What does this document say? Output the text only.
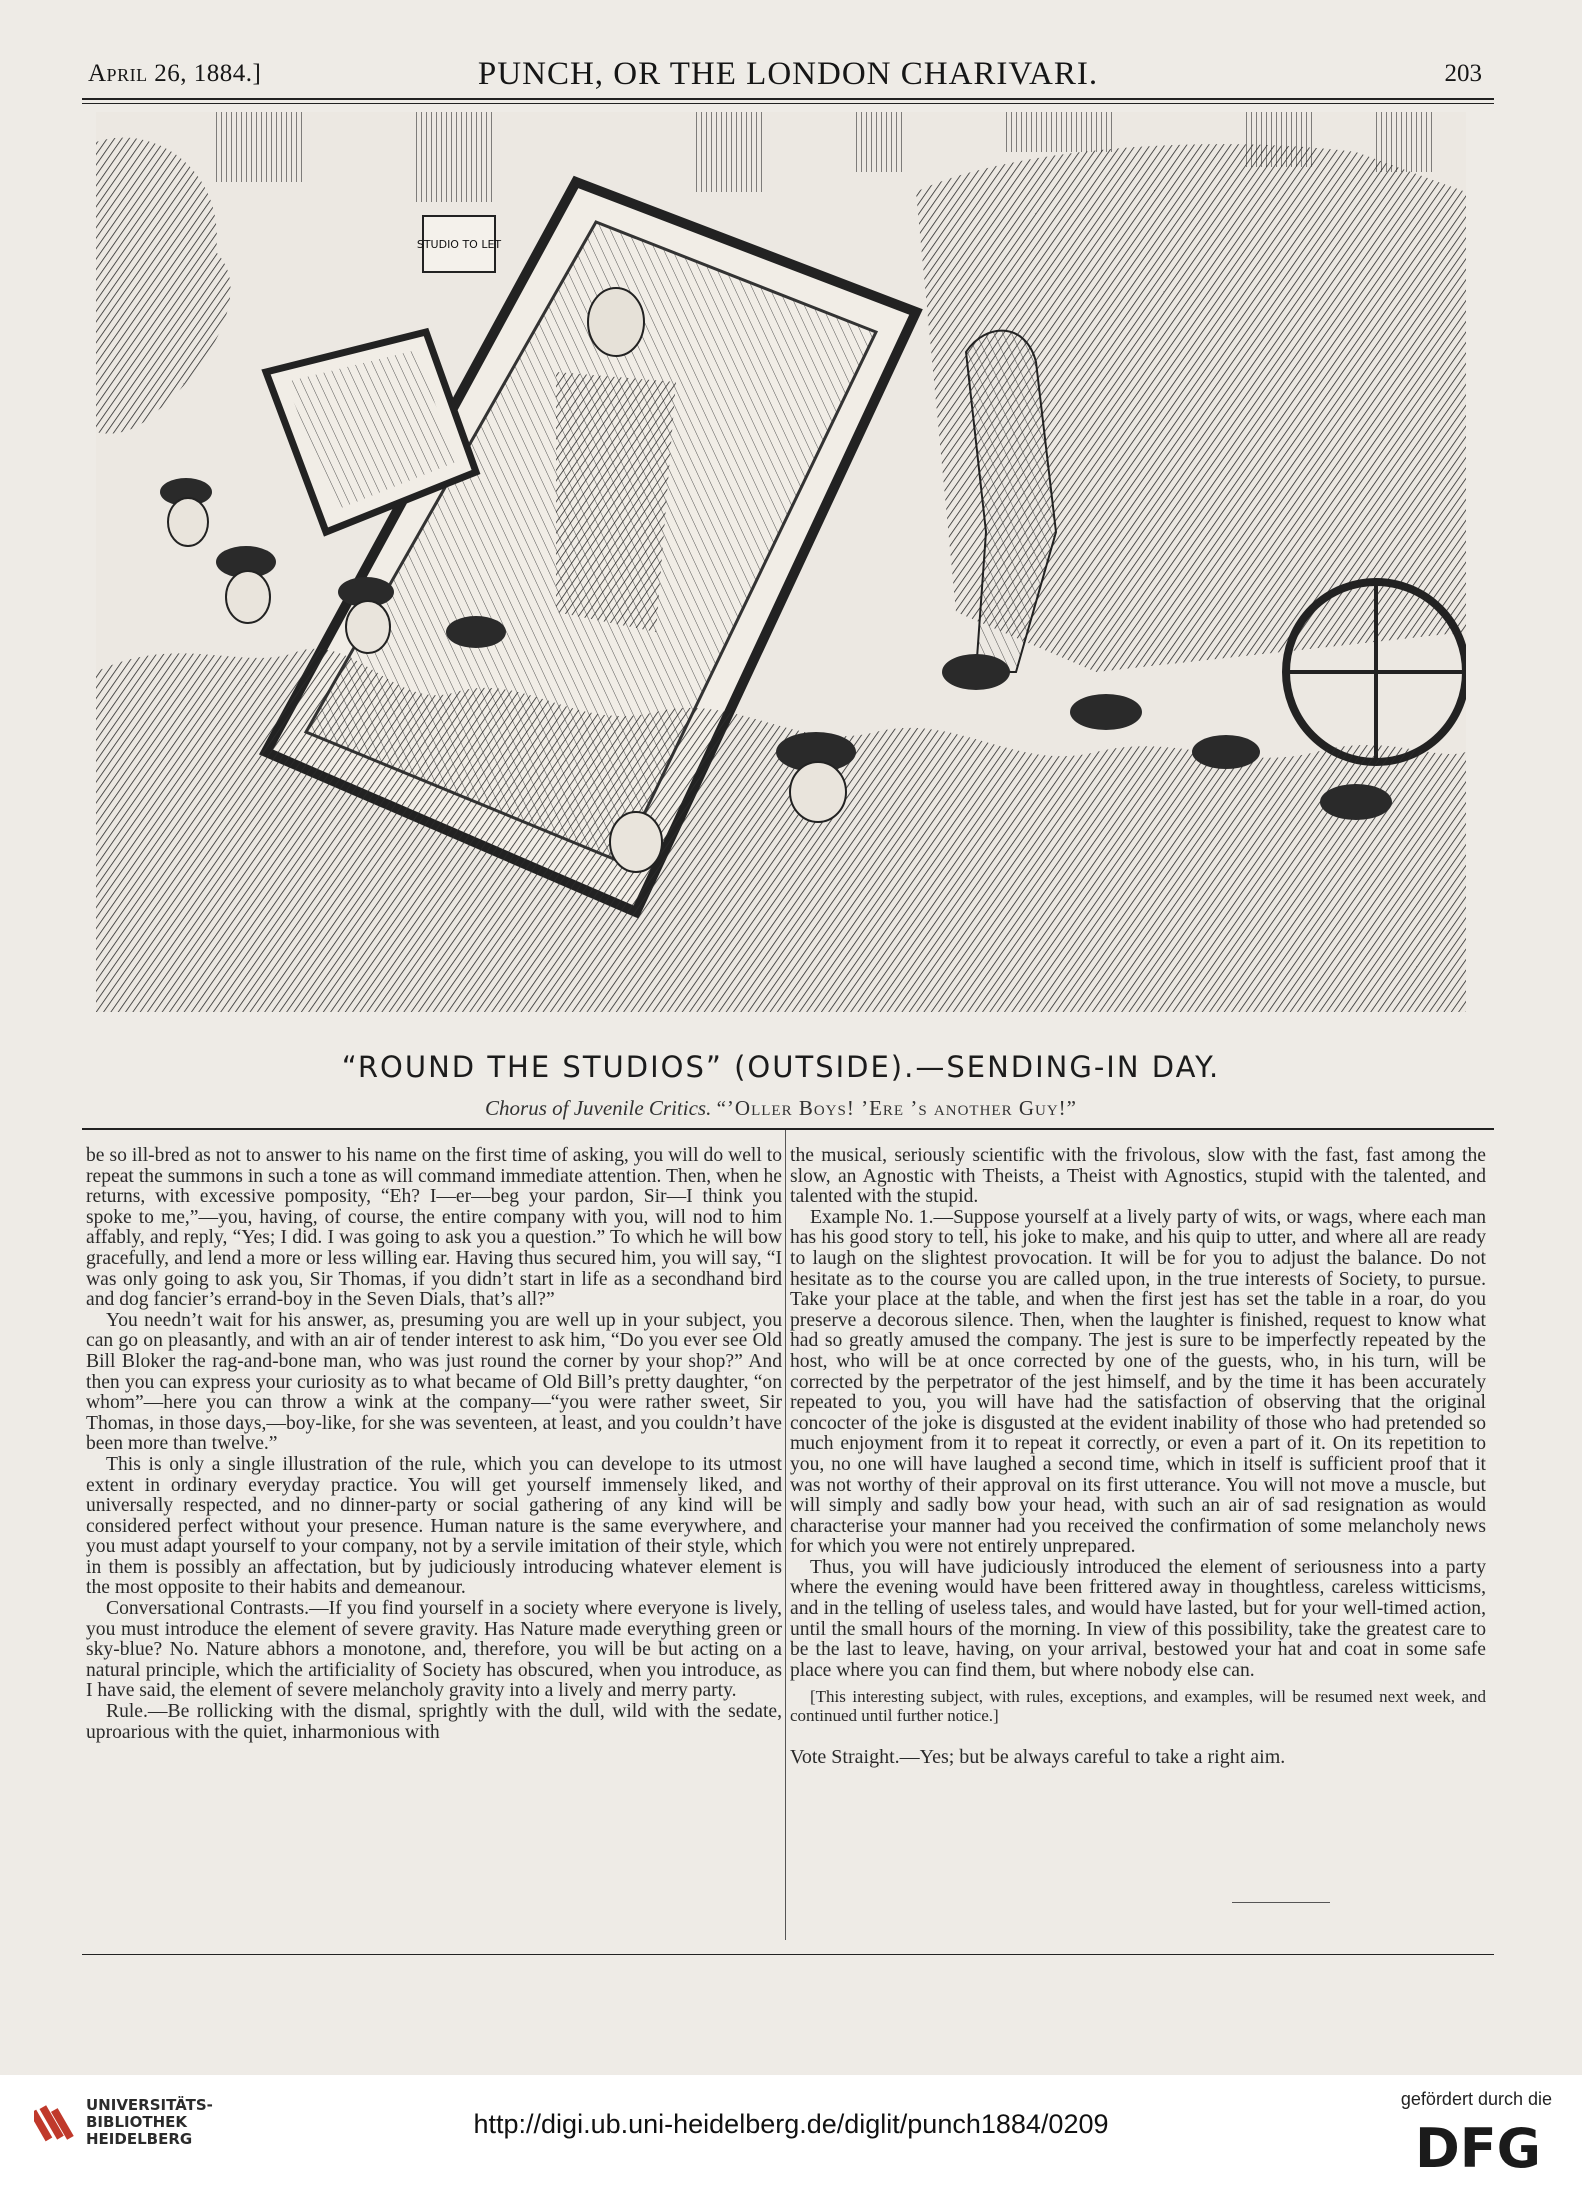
April 26, 1884.]	PUNCH, OR THE LONDON CHARIVARI.	203
STUDIO TO LET
“ROUND THE STUDIOS” (OUTSIDE).—SENDING-IN DAY.
Chorus of Juvenile Critics. “’Oller Boys! ’Ere ’s another Guy!”

be so ill-bred as not to answer to his name on the first time of asking, you will do well to repeat the summons in such a tone as will command immediate attention. Then, when he returns, with excessive pomposity, “Eh? I—er—beg your pardon, Sir—I think you spoke to me,”—you, having, of course, the entire company with you, will nod to him affably, and reply, “Yes; I did. I was going to ask you a question.” To which he will bow gracefully, and lend a more or less willing ear. Having thus secured him, you will say, “I was only going to ask you, Sir Thomas, if you didn’t start in life as a secondhand bird and dog fancier’s errand-boy in the Seven Dials, that’s all?”

You needn’t wait for his answer, as, presuming you are well up in your subject, you can go on pleasantly, and with an air of tender interest to ask him, “Do you ever see Old Bill Bloker the rag-and-bone man, who was just round the corner by your shop?” And then you can express your curiosity as to what became of Old Bill’s pretty daughter, “on whom”—here you can throw a wink at the company—“you were rather sweet, Sir Thomas, in those days,—boy-like, for she was seventeen, at least, and you couldn’t have been more than twelve.”

This is only a single illustration of the rule, which you can develope to its utmost extent in ordinary everyday practice. You will get yourself immensely liked, and universally respected, and no dinner-party or social gathering of any kind will be considered perfect without your presence. Human nature is the same everywhere, and you must adapt yourself to your company, not by a servile imitation of their style, which in them is possibly an affectation, but by judiciously introducing whatever element is the most opposite to their habits and demeanour.

Conversational Contrasts.—If you find yourself in a society where everyone is lively, you must introduce the element of severe gravity. Has Nature made everything green or sky-blue? No. Nature abhors a monotone, and, therefore, you will be but acting on a natural principle, which the artificiality of Society has obscured, when you introduce, as I have said, the element of severe melancholy gravity into a lively and merry party.

Rule.—Be rollicking with the dismal, sprightly with the dull, wild with the sedate, uproarious with the quiet, inharmonious with

the musical, seriously scientific with the frivolous, slow with the fast, fast among the slow, an Agnostic with Theists, a Theist with Agnostics, stupid with the talented, and talented with the stupid.

Example No. 1.—Suppose yourself at a lively party of wits, or wags, where each man has his good story to tell, his joke to make, and his quip to utter, and where all are ready to laugh on the slightest provocation. It will be for you to adjust the balance. Do not hesitate as to the course you are called upon, in the true interests of Society, to pursue. Take your place at the table, and when the first jest has set the table in a roar, do you preserve a decorous silence. Then, when the laughter is finished, request to know what had so greatly amused the company. The jest is sure to be imperfectly repeated by the host, who will be at once corrected by one of the guests, who, in his turn, will be corrected by the perpetrator of the jest himself, and by the time it has been accurately repeated to you, you will have had the satisfaction of observing that the original concocter of the joke is disgusted at the evident inability of those who had pretended so much enjoyment from it to repeat it correctly, or even a part of it. On its repetition to you, no one will have laughed a second time, which in itself is sufficient proof that it was not worthy of their approval on its first utterance. You will not move a muscle, but will simply and sadly bow your head, with such an air of sad resignation as would characterise your manner had you received the confirmation of some melancholy news for which you were not entirely unprepared.

Thus, you will have judiciously introduced the element of seriousness into a party where the evening would have been frittered away in thoughtless, careless witticisms, and in the telling of useless tales, and would have lasted, but for your well-timed action, until the small hours of the morning. In view of this possibility, take the greatest care to be the last to leave, having, on your arrival, bestowed your hat and coat in some safe place where you can find them, but where nobody else can.

[This interesting subject, with rules, exceptions, and examples, will be resumed next week, and continued until further notice.]

Vote Straight.—Yes; but be always careful to take a right aim.

UNIVERSITÄTS-
BIBLIOTHEK
HEIDELBERG	http://digi.ub.uni-heidelberg.de/diglit/punch1884/0209
gefördert durch die
DFG
